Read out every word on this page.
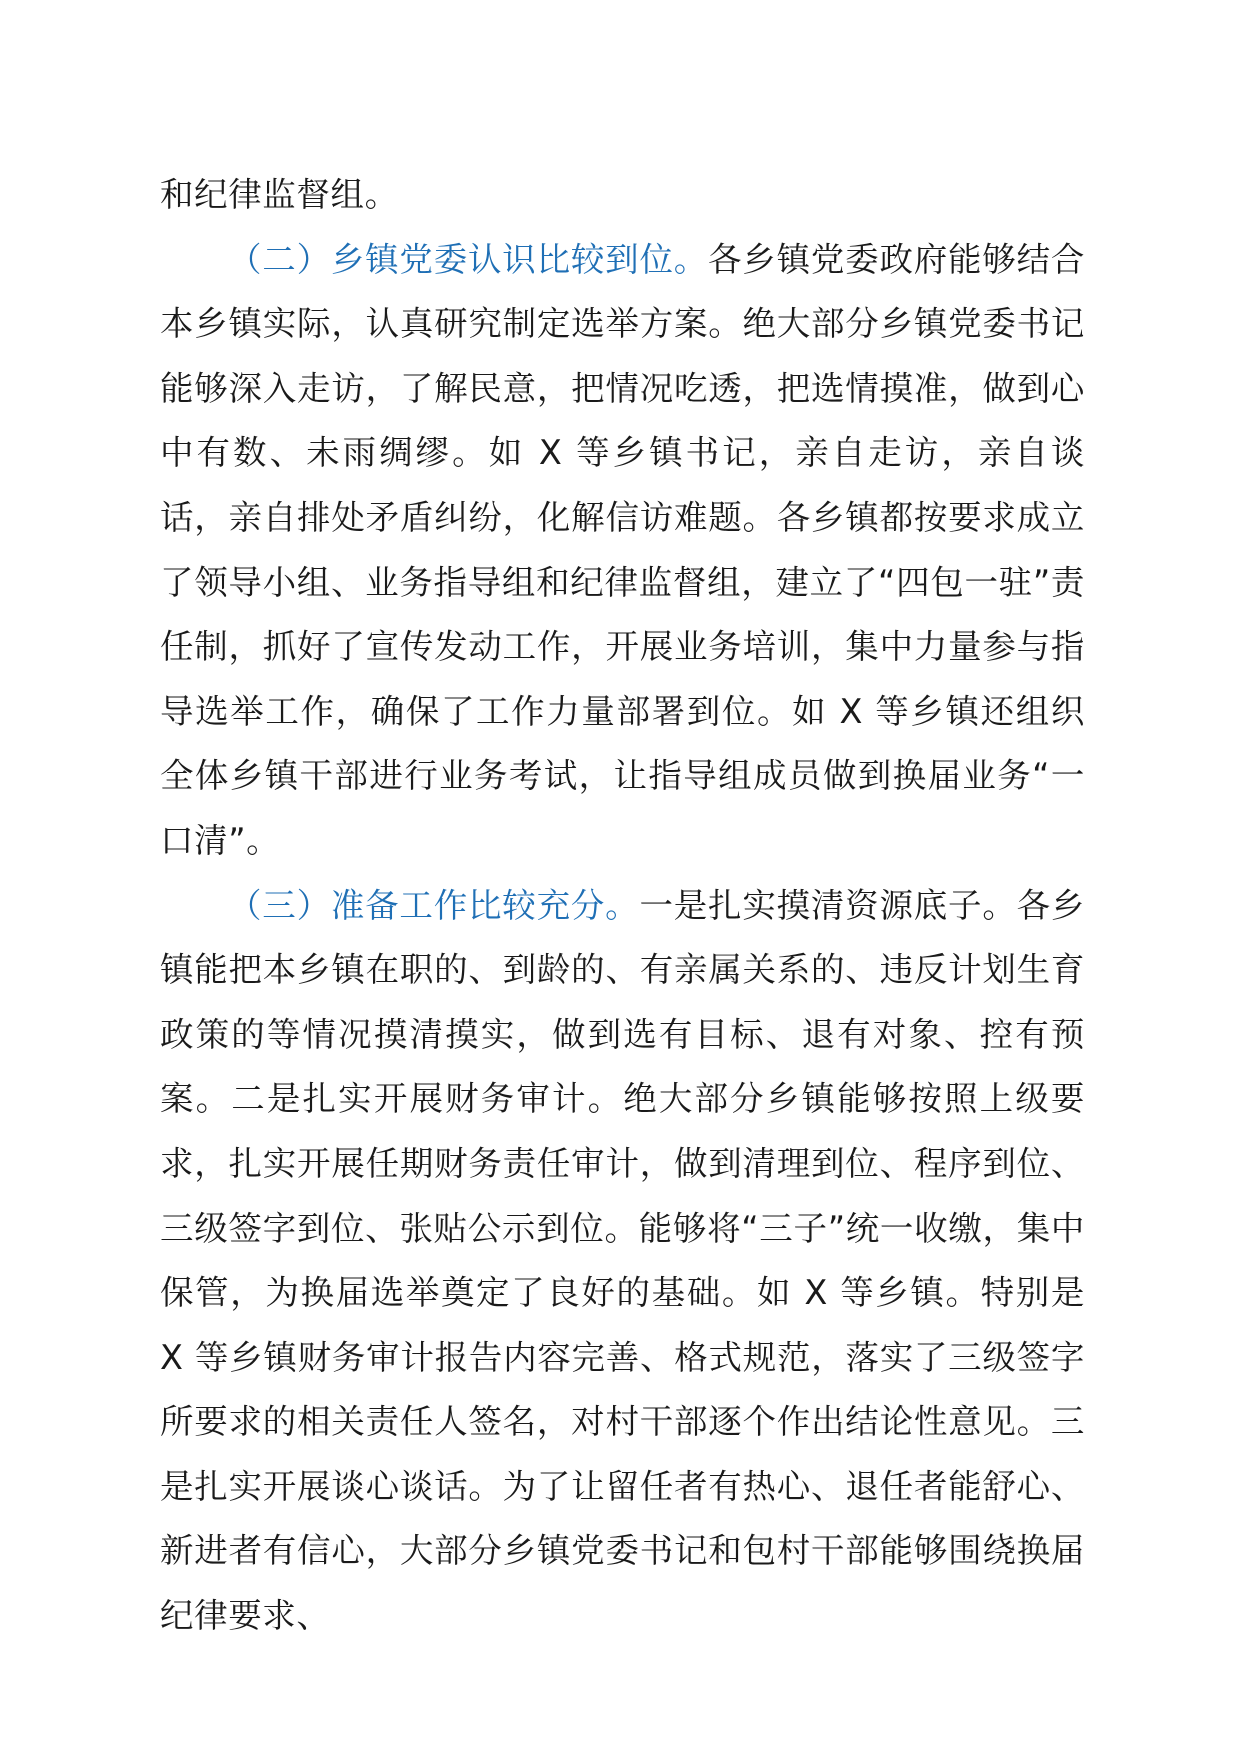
和纪律监督组。

（二）乡镇党委认识比较到位。各乡镇党委政府能够结合本乡镇实际，认真研究制定选举方案。绝大部分乡镇党委书记能够深入走访，了解民意，把情况吃透，把选情摸准，做到心中有数、未雨绸缪。如 X 等乡镇书记，亲自走访，亲自谈话，亲自排处矛盾纠纷，化解信访难题。各乡镇都按要求成立了领导小组、业务指导组和纪律监督组，建立了“四包一驻”责任制，抓好了宣传发动工作，开展业务培训，集中力量参与指导选举工作，确保了工作力量部署到位。如 X 等乡镇还组织全体乡镇干部进行业务考试，让指导组成员做到换届业务“一口清”。

（三）准备工作比较充分。一是扎实摸清资源底子。各乡镇能把本乡镇在职的、到龄的、有亲属关系的、违反计划生育政策的等情况摸清摸实，做到选有目标、退有对象、控有预案。二是扎实开展财务审计。绝大部分乡镇能够按照上级要求，扎实开展任期财务责任审计，做到清理到位、程序到位、三级签字到位、张贴公示到位。能够将“三子”统一收缴，集中保管，为换届选举奠定了良好的基础。如 X 等乡镇。特别是 X 等乡镇财务审计报告内容完善、格式规范，落实了三级签字所要求的相关责任人签名，对村干部逐个作出结论性意见。三是扎实开展谈心谈话。为了让留任者有热心、退任者能舒心、新进者有信心，大部分乡镇党委书记和包村干部能够围绕换届纪律要求、
